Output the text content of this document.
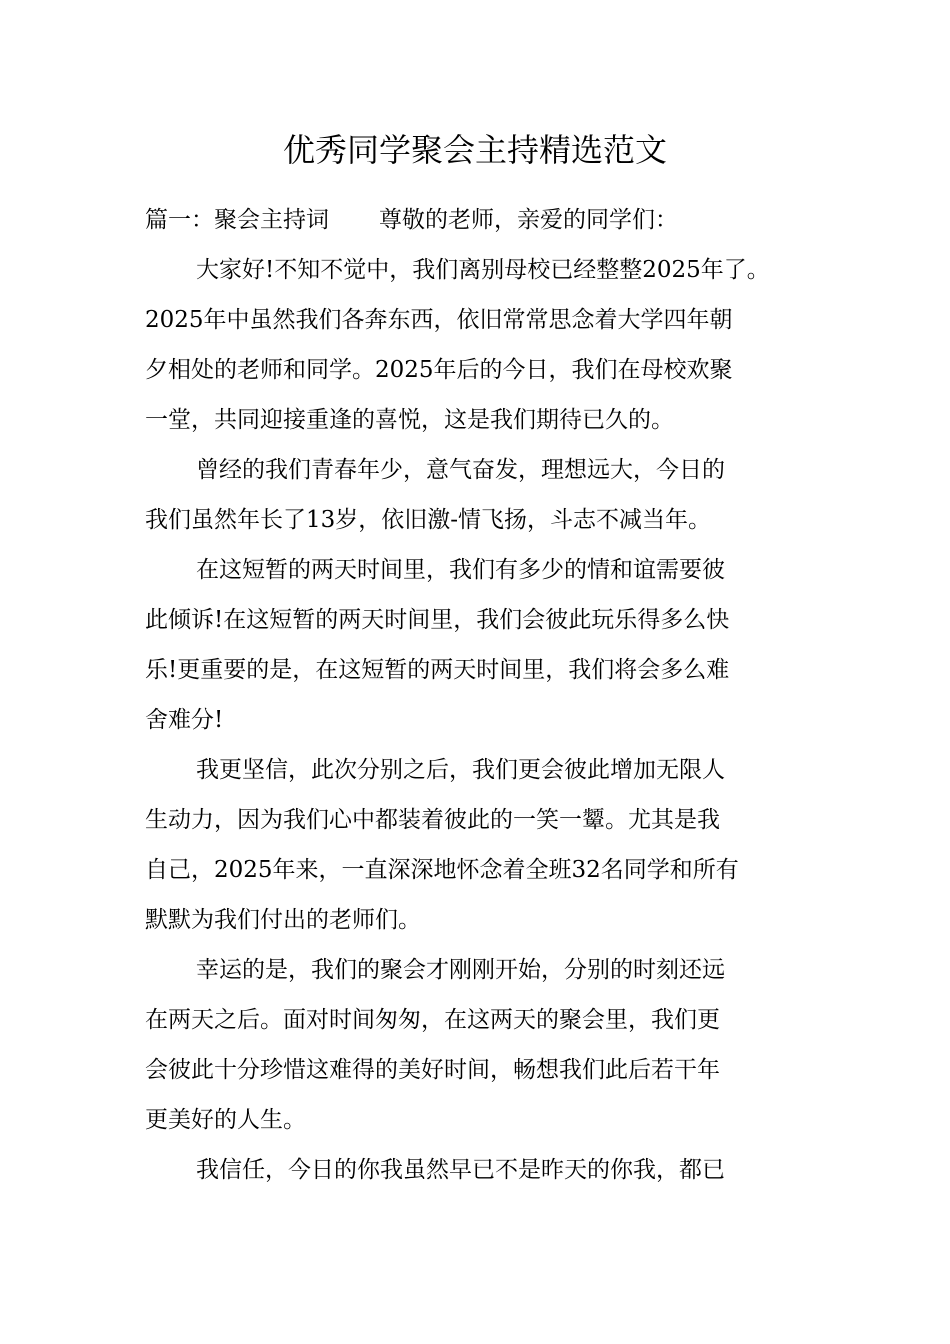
优秀同学聚会主持精选范文

篇一：聚会主持词 尊敬的老师，亲爱的同学们：

大家好!不知不觉中，我们离别母校已经整整2025年了。

2025年中虽然我们各奔东西，依旧常常思念着大学四年朝

夕相处的老师和同学。2025年后的今日，我们在母校欢聚

一堂，共同迎接重逢的喜悦，这是我们期待已久的。

曾经的我们青春年少，意气奋发，理想远大，今日的

我们虽然年长了13岁，依旧激-情飞扬，斗志不减当年。

在这短暂的两天时间里，我们有多少的情和谊需要彼

此倾诉!在这短暂的两天时间里，我们会彼此玩乐得多么快

乐!更重要的是，在这短暂的两天时间里，我们将会多么难

舍难分!

我更坚信，此次分别之后，我们更会彼此增加无限人

生动力，因为我们心中都装着彼此的一笑一颦。尤其是我

自己，2025年来，一直深深地怀念着全班32名同学和所有

默默为我们付出的老师们。

幸运的是，我们的聚会才刚刚开始，分别的时刻还远

在两天之后。面对时间匆匆，在这两天的聚会里，我们更

会彼此十分珍惜这难得的美好时间，畅想我们此后若干年

更美好的人生。

我信任，今日的你我虽然早已不是昨天的你我，都已
